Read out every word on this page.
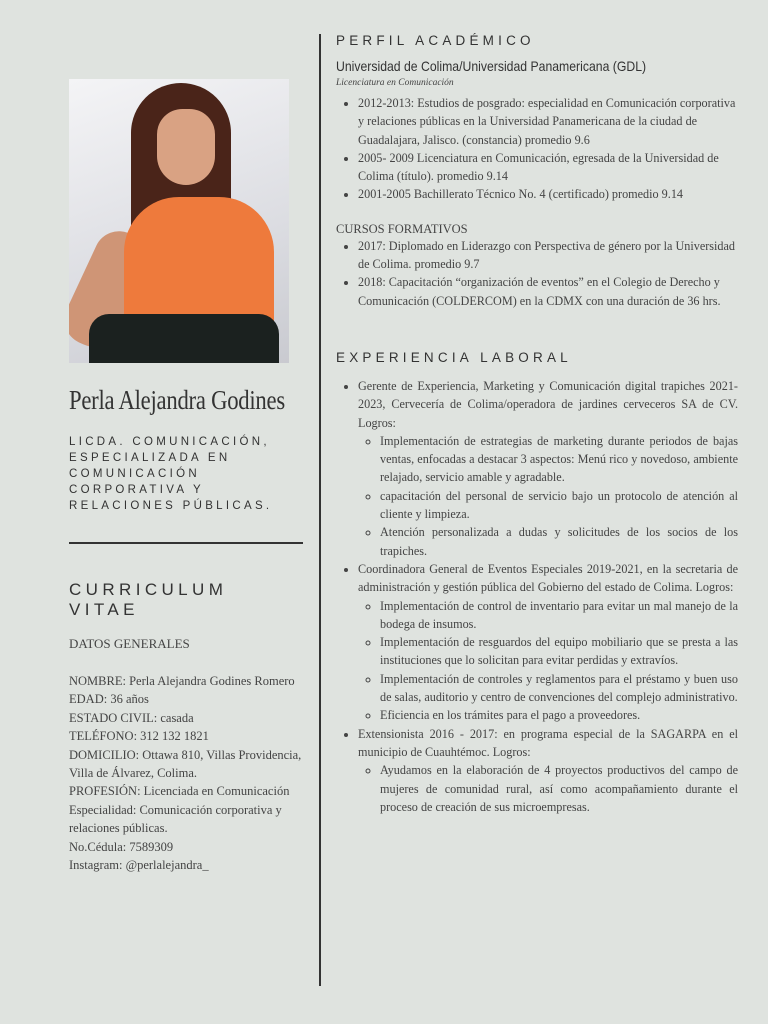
Perla Alejandra Godines
LICDA. COMUNICACIÓN, ESPECIALIZADA EN COMUNICACIÓN CORPORATIVA Y RELACIONES PÚBLICAS.
CURRICULUM VITAE
DATOS GENERALES
NOMBRE: Perla Alejandra Godines Romero
EDAD: 36 años
ESTADO CIVIL: casada
TELÉFONO: 312 132 1821
DOMICILIO: Ottawa 810, Villas Providencia, Villa de Álvarez, Colima.
PROFESIÓN: Licenciada en Comunicación
Especialidad: Comunicación corporativa y relaciones públicas.
No.Cédula: 7589309
Instagram: @perlalejandra_
PERFIL ACADÉMICO
Universidad de Colima/Universidad Panamericana (GDL)
Licenciatura en Comunicación
• 2012-2013: Estudios de posgrado: especialidad en Comunicación corporativa y relaciones públicas en la Universidad Panamericana de la ciudad de Guadalajara, Jalisco. (constancia) promedio 9.6
• 2005- 2009 Licenciatura en Comunicación, egresada de la Universidad de Colima (título). promedio 9.14
• 2001-2005 Bachillerato Técnico No. 4 (certificado) promedio 9.14
CURSOS FORMATIVOS
• 2017: Diplomado en Liderazgo con Perspectiva de género por la Universidad de Colima. promedio 9.7
• 2018: Capacitación “organización de eventos” en el Colegio de Derecho y Comunicación (COLDERCOM) en la CDMX con una duración de 36 hrs.
EXPERIENCIA LABORAL
• Gerente de Experiencia, Marketing y Comunicación digital trapiches 2021- 2023, Cervecería de Colima/operadora de jardines cerveceros SA de CV. Logros:
◦ Implementación de estrategias de marketing durante periodos de bajas ventas, enfocadas a destacar 3 aspectos: Menú rico y novedoso, ambiente relajado, servicio amable y agradable.
◦ capacitación del personal de servicio bajo un protocolo de atención al cliente y limpieza.
◦ Atención personalizada a dudas y solicitudes de los socios de los trapiches.
• Coordinadora General de Eventos Especiales 2019-2021, en la secretaria de administración y gestión pública del Gobierno del estado de Colima. Logros:
◦ Implementación de control de inventario para evitar un mal manejo de la bodega de insumos.
◦ Implementación de resguardos del equipo mobiliario que se presta a las instituciones que lo solicitan para evitar perdidas y extravíos.
◦ Implementación de controles y reglamentos para el préstamo y buen uso de salas, auditorio y centro de convenciones del complejo administrativo.
◦ Eficiencia en los trámites para el pago a proveedores.
• Extensionista 2016 - 2017: en programa especial de la SAGARPA en el municipio de Cuauhtémoc. Logros:
◦ Ayudamos en la elaboración de 4 proyectos productivos del campo de mujeres de comunidad rural, así como acompañamiento durante el proceso de creación de sus microempresas.
